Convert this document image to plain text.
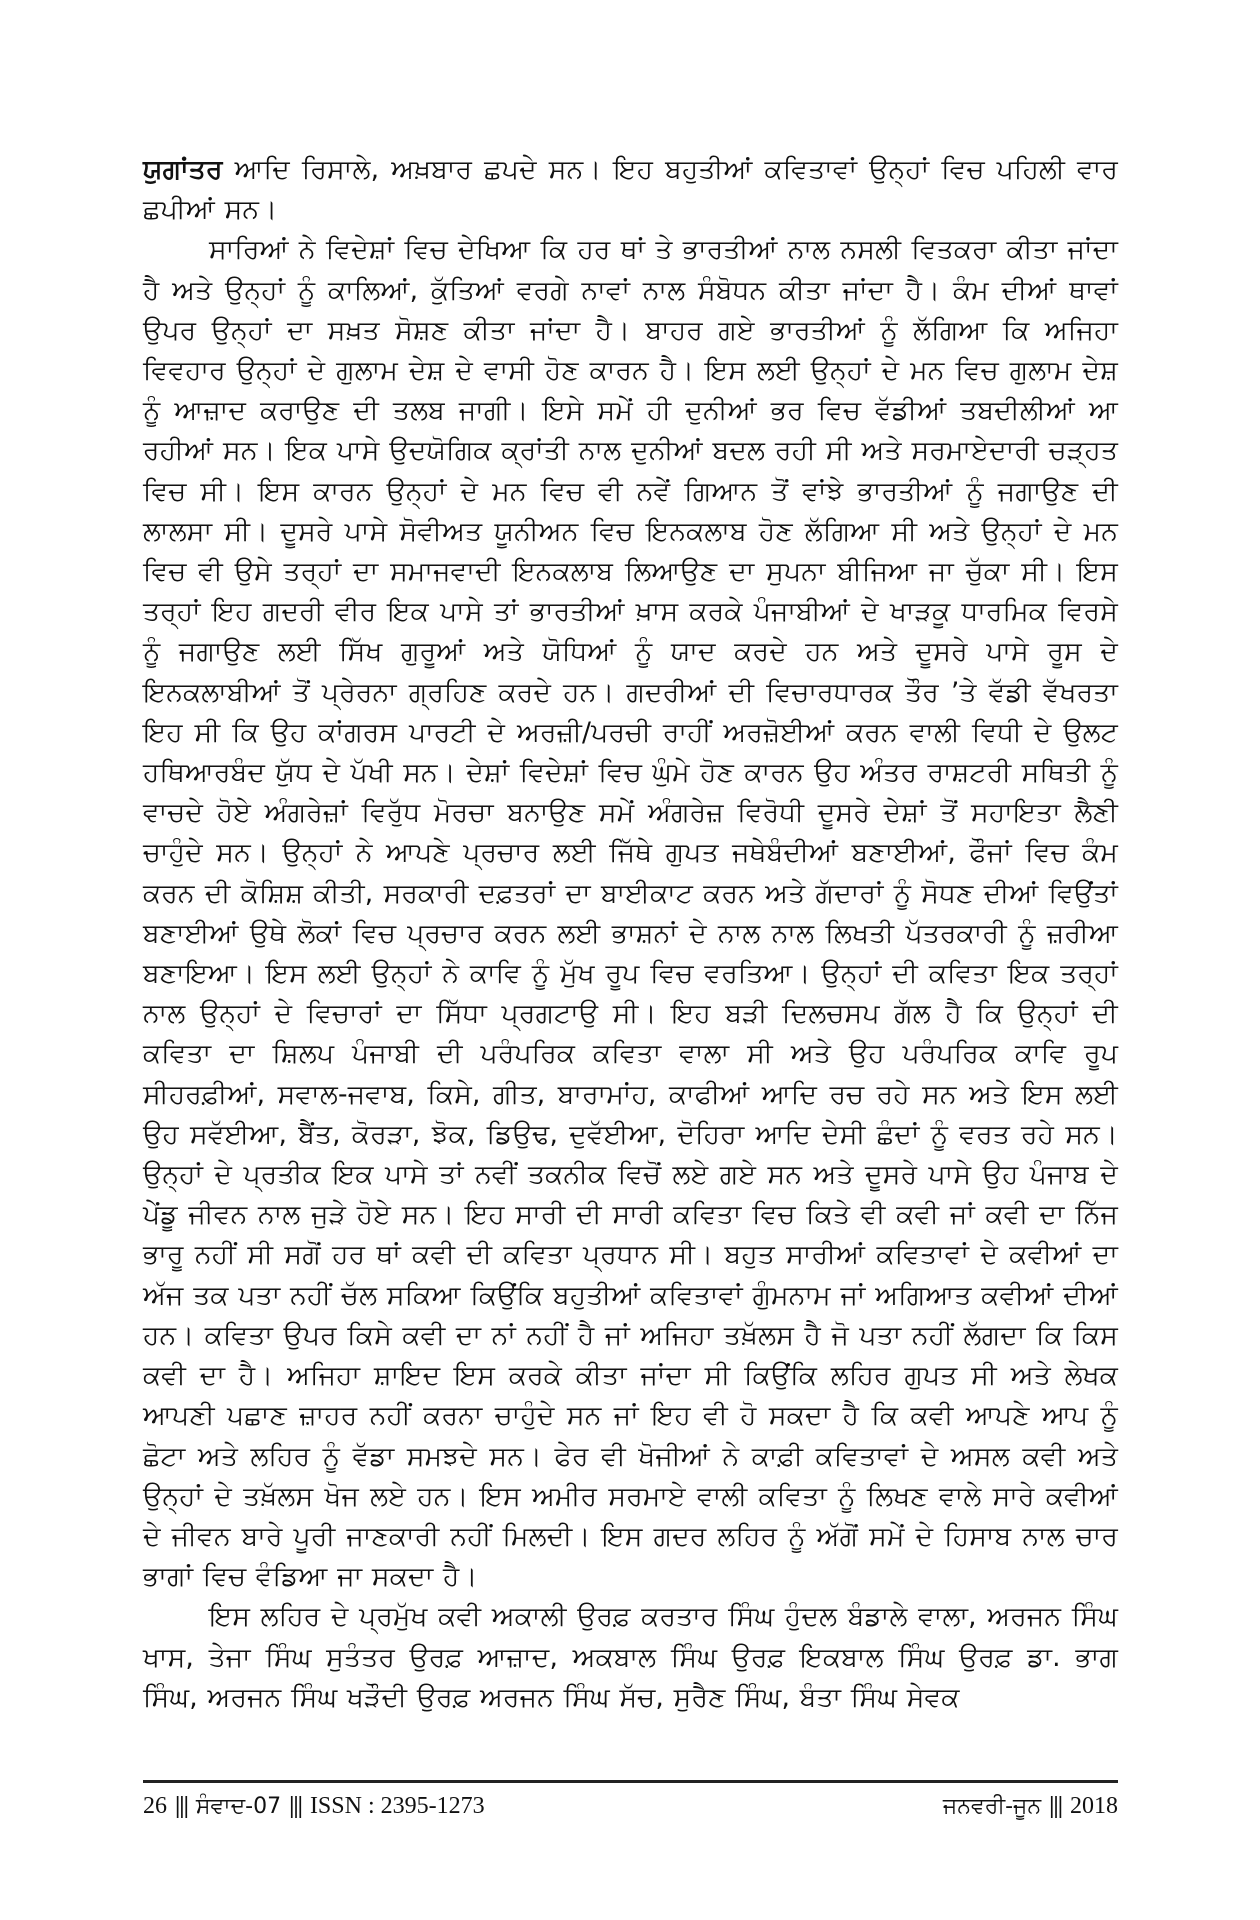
ਯੁਗਾਂਤਰ ਆਦਿ ਰਿਸਾਲੇ, ਅਖ਼ਬਾਰ ਛਪਦੇ ਸਨ। ਇਹ ਬਹੁਤੀਆਂ ਕਵਿਤਾਵਾਂ ਉਨ੍ਹਾਂ ਵਿਚ ਪਹਿਲੀ ਵਾਰ ਛਪੀਆਂ ਸਨ।

ਸਾਰਿਆਂ ਨੇ ਵਿਦੇਸ਼ਾਂ ਵਿਚ ਦੇਖਿਆ ਕਿ ਹਰ ਥਾਂ ਤੇ ਭਾਰਤੀਆਂ ਨਾਲ ਨਸਲੀ ਵਿਤਕਰਾ ਕੀਤਾ ਜਾਂਦਾ ਹੈ ਅਤੇ ਉਨ੍ਹਾਂ ਨੂੰ ਕਾਲਿਆਂ, ਕੁੱਤਿਆਂ ਵਰਗੇ ਨਾਵਾਂ ਨਾਲ ਸੰਬੋਧਨ ਕੀਤਾ ਜਾਂਦਾ ਹੈ। ਕੰਮ ਦੀਆਂ ਥਾਵਾਂ ਉਪਰ ਉਨ੍ਹਾਂ ਦਾ ਸਖ਼ਤ ਸੋਸ਼ਣ ਕੀਤਾ ਜਾਂਦਾ ਹੈ। ਬਾਹਰ ਗਏ ਭਾਰਤੀਆਂ ਨੂੰ ਲੱਗਿਆ ਕਿ ਅਜਿਹਾ ਵਿਵਹਾਰ ਉਨ੍ਹਾਂ ਦੇ ਗੁਲਾਮ ਦੇਸ਼ ਦੇ ਵਾਸੀ ਹੋਣ ਕਾਰਨ ਹੈ। ਇਸ ਲਈ ਉਨ੍ਹਾਂ ਦੇ ਮਨ ਵਿਚ ਗੁਲਾਮ ਦੇਸ਼ ਨੂੰ ਆਜ਼ਾਦ ਕਰਾਉਣ ਦੀ ਤਲਬ ਜਾਗੀ। ਇਸੇ ਸਮੇਂ ਹੀ ਦੁਨੀਆਂ ਭਰ ਵਿਚ ਵੱਡੀਆਂ ਤਬਦੀਲੀਆਂ ਆ ਰਹੀਆਂ ਸਨ। ਇਕ ਪਾਸੇ ਉਦਯੋਗਿਕ ਕ੍ਰਾਂਤੀ ਨਾਲ ਦੁਨੀਆਂ ਬਦਲ ਰਹੀ ਸੀ ਅਤੇ ਸਰਮਾਏਦਾਰੀ ਚੜ੍ਹਤ ਵਿਚ ਸੀ। ਇਸ ਕਾਰਨ ਉਨ੍ਹਾਂ ਦੇ ਮਨ ਵਿਚ ਵੀ ਨਵੇਂ ਗਿਆਨ ਤੋਂ ਵਾਂਝੇ ਭਾਰਤੀਆਂ ਨੂੰ ਜਗਾਉਣ ਦੀ ਲਾਲਸਾ ਸੀ। ਦੂਸਰੇ ਪਾਸੇ ਸੋਵੀਅਤ ਯੂਨੀਅਨ ਵਿਚ ਇਨਕਲਾਬ ਹੋਣ ਲੱਗਿਆ ਸੀ ਅਤੇ ਉਨ੍ਹਾਂ ਦੇ ਮਨ ਵਿਚ ਵੀ ਉਸੇ ਤਰ੍ਹਾਂ ਦਾ ਸਮਾਜਵਾਦੀ ਇਨਕਲਾਬ ਲਿਆਉਣ ਦਾ ਸੁਪਨਾ ਬੀਜਿਆ ਜਾ ਚੁੱਕਾ ਸੀ। ਇਸ ਤਰ੍ਹਾਂ ਇਹ ਗਦਰੀ ਵੀਰ ਇਕ ਪਾਸੇ ਤਾਂ ਭਾਰਤੀਆਂ ਖ਼ਾਸ ਕਰਕੇ ਪੰਜਾਬੀਆਂ ਦੇ ਖਾੜਕੂ ਧਾਰਮਿਕ ਵਿਰਸੇ ਨੂੰ ਜਗਾਉਣ ਲਈ ਸਿੱਖ ਗੁਰੂਆਂ ਅਤੇ ਯੋਧਿਆਂ ਨੂੰ ਯਾਦ ਕਰਦੇ ਹਨ ਅਤੇ ਦੂਸਰੇ ਪਾਸੇ ਰੂਸ ਦੇ ਇਨਕਲਾਬੀਆਂ ਤੋਂ ਪ੍ਰੇਰਨਾ ਗ੍ਰਹਿਣ ਕਰਦੇ ਹਨ। ਗਦਰੀਆਂ ਦੀ ਵਿਚਾਰਧਾਰਕ ਤੌਰ ’ਤੇ ਵੱਡੀ ਵੱਖਰਤਾ ਇਹ ਸੀ ਕਿ ਉਹ ਕਾਂਗਰਸ ਪਾਰਟੀ ਦੇ ਅਰਜ਼ੀ/ਪਰਚੀ ਰਾਹੀਂ ਅਰਜ਼ੋਈਆਂ ਕਰਨ ਵਾਲੀ ਵਿਧੀ ਦੇ ਉਲਟ ਹਥਿਆਰਬੰਦ ਯੁੱਧ ਦੇ ਪੱਖੀ ਸਨ। ਦੇਸ਼ਾਂ ਵਿਦੇਸ਼ਾਂ ਵਿਚ ਘੁੰਮੇ ਹੋਣ ਕਾਰਨ ਉਹ ਅੰਤਰ ਰਾਸ਼ਟਰੀ ਸਥਿਤੀ ਨੂੰ ਵਾਚਦੇ ਹੋਏ ਅੰਗਰੇਜ਼ਾਂ ਵਿਰੁੱਧ ਮੋਰਚਾ ਬਨਾਉਣ ਸਮੇਂ ਅੰਗਰੇਜ਼ ਵਿਰੋਧੀ ਦੂਸਰੇ ਦੇਸ਼ਾਂ ਤੋਂ ਸਹਾਇਤਾ ਲੈਣੀ ਚਾਹੁੰਦੇ ਸਨ। ਉਨ੍ਹਾਂ ਨੇ ਆਪਣੇ ਪ੍ਰਚਾਰ ਲਈ ਜਿੱਥੇ ਗੁਪਤ ਜਥੇਬੰਦੀਆਂ ਬਣਾਈਆਂ, ਫੌਜਾਂ ਵਿਚ ਕੰਮ ਕਰਨ ਦੀ ਕੋਸ਼ਿਸ਼ ਕੀਤੀ, ਸਰਕਾਰੀ ਦਫ਼ਤਰਾਂ ਦਾ ਬਾਈਕਾਟ ਕਰਨ ਅਤੇ ਗੱਦਾਰਾਂ ਨੂੰ ਸੋਧਣ ਦੀਆਂ ਵਿਉਂਤਾਂ ਬਣਾਈਆਂ ਉਥੇ ਲੋਕਾਂ ਵਿਚ ਪ੍ਰਚਾਰ ਕਰਨ ਲਈ ਭਾਸ਼ਨਾਂ ਦੇ ਨਾਲ ਨਾਲ ਲਿਖਤੀ ਪੱਤਰਕਾਰੀ ਨੂੰ ਜ਼ਰੀਆ ਬਣਾਇਆ। ਇਸ ਲਈ ਉਨ੍ਹਾਂ ਨੇ ਕਾਵਿ ਨੂੰ ਮੁੱਖ ਰੂਪ ਵਿਚ ਵਰਤਿਆ। ਉਨ੍ਹਾਂ ਦੀ ਕਵਿਤਾ ਇਕ ਤਰ੍ਹਾਂ ਨਾਲ ਉਨ੍ਹਾਂ ਦੇ ਵਿਚਾਰਾਂ ਦਾ ਸਿੱਧਾ ਪ੍ਰਗਟਾਉ ਸੀ। ਇਹ ਬੜੀ ਦਿਲਚਸਪ ਗੱਲ ਹੈ ਕਿ ਉਨ੍ਹਾਂ ਦੀ ਕਵਿਤਾ ਦਾ ਸ਼ਿਲਪ ਪੰਜਾਬੀ ਦੀ ਪਰੰਪਰਿਕ ਕਵਿਤਾ ਵਾਲਾ ਸੀ ਅਤੇ ਉਹ ਪਰੰਪਰਿਕ ਕਾਵਿ ਰੂਪ ਸੀਹਰਫ਼ੀਆਂ, ਸਵਾਲ-ਜਵਾਬ, ਕਿਸੇ, ਗੀਤ, ਬਾਰਾਮਾਂਹ, ਕਾਫੀਆਂ ਆਦਿ ਰਚ ਰਹੇ ਸਨ ਅਤੇ ਇਸ ਲਈ ਉਹ ਸਵੱਈਆ, ਬੈਂਤ, ਕੋਰੜਾ, ਝੋਕ, ਡਿਉਢ, ਦੁਵੱਈਆ, ਦੋਹਿਰਾ ਆਦਿ ਦੇਸੀ ਛੰਦਾਂ ਨੂੰ ਵਰਤ ਰਹੇ ਸਨ। ਉਨ੍ਹਾਂ ਦੇ ਪ੍ਰਤੀਕ ਇਕ ਪਾਸੇ ਤਾਂ ਨਵੀਂ ਤਕਨੀਕ ਵਿਚੋਂ ਲਏ ਗਏ ਸਨ ਅਤੇ ਦੂਸਰੇ ਪਾਸੇ ਉਹ ਪੰਜਾਬ ਦੇ ਪੇਂਡੂ ਜੀਵਨ ਨਾਲ ਜੁੜੇ ਹੋਏ ਸਨ। ਇਹ ਸਾਰੀ ਦੀ ਸਾਰੀ ਕਵਿਤਾ ਵਿਚ ਕਿਤੇ ਵੀ ਕਵੀ ਜਾਂ ਕਵੀ ਦਾ ਨਿੱਜ ਭਾਰੂ ਨਹੀਂ ਸੀ ਸਗੋਂ ਹਰ ਥਾਂ ਕਵੀ ਦੀ ਕਵਿਤਾ ਪ੍ਰਧਾਨ ਸੀ। ਬਹੁਤ ਸਾਰੀਆਂ ਕਵਿਤਾਵਾਂ ਦੇ ਕਵੀਆਂ ਦਾ ਅੱਜ ਤਕ ਪਤਾ ਨਹੀਂ ਚੱਲ ਸਕਿਆ ਕਿਉਂਕਿ ਬਹੁਤੀਆਂ ਕਵਿਤਾਵਾਂ ਗੁੰਮਨਾਮ ਜਾਂ ਅਗਿਆਤ ਕਵੀਆਂ ਦੀਆਂ ਹਨ। ਕਵਿਤਾ ਉਪਰ ਕਿਸੇ ਕਵੀ ਦਾ ਨਾਂ ਨਹੀਂ ਹੈ ਜਾਂ ਅਜਿਹਾ ਤਖ਼ੱਲਸ ਹੈ ਜੋ ਪਤਾ ਨਹੀਂ ਲੱਗਦਾ ਕਿ ਕਿਸ ਕਵੀ ਦਾ ਹੈ। ਅਜਿਹਾ ਸ਼ਾਇਦ ਇਸ ਕਰਕੇ ਕੀਤਾ ਜਾਂਦਾ ਸੀ ਕਿਉਂਕਿ ਲਹਿਰ ਗੁਪਤ ਸੀ ਅਤੇ ਲੇਖਕ ਆਪਣੀ ਪਛਾਣ ਜ਼ਾਹਰ ਨਹੀਂ ਕਰਨਾ ਚਾਹੁੰਦੇ ਸਨ ਜਾਂ ਇਹ ਵੀ ਹੋ ਸਕਦਾ ਹੈ ਕਿ ਕਵੀ ਆਪਣੇ ਆਪ ਨੂੰ ਛੋਟਾ ਅਤੇ ਲਹਿਰ ਨੂੰ ਵੱਡਾ ਸਮਝਦੇ ਸਨ। ਫੇਰ ਵੀ ਖੋਜੀਆਂ ਨੇ ਕਾਫ਼ੀ ਕਵਿਤਾਵਾਂ ਦੇ ਅਸਲ ਕਵੀ ਅਤੇ ਉਨ੍ਹਾਂ ਦੇ ਤਖ਼ੱਲਸ ਖੋਜ ਲਏ ਹਨ। ਇਸ ਅਮੀਰ ਸਰਮਾਏ ਵਾਲੀ ਕਵਿਤਾ ਨੂੰ ਲਿਖਣ ਵਾਲੇ ਸਾਰੇ ਕਵੀਆਂ ਦੇ ਜੀਵਨ ਬਾਰੇ ਪੂਰੀ ਜਾਣਕਾਰੀ ਨਹੀਂ ਮਿਲਦੀ। ਇਸ ਗਦਰ ਲਹਿਰ ਨੂੰ ਅੱਗੋਂ ਸਮੇਂ ਦੇ ਹਿਸਾਬ ਨਾਲ ਚਾਰ ਭਾਗਾਂ ਵਿਚ ਵੰਡਿਆ ਜਾ ਸਕਦਾ ਹੈ।

ਇਸ ਲਹਿਰ ਦੇ ਪ੍ਰਮੁੱਖ ਕਵੀ ਅਕਾਲੀ ਉਰਫ਼ ਕਰਤਾਰ ਸਿੰਘ ਹੁੰਦਲ ਬੰਡਾਲੇ ਵਾਲਾ, ਅਰਜਨ ਸਿੰਘ ਖਾਸ, ਤੇਜਾ ਸਿੰਘ ਸੁਤੰਤਰ ਉਰਫ਼ ਆਜ਼ਾਦ, ਅਕਬਾਲ ਸਿੰਘ ਉਰਫ਼ ਇਕਬਾਲ ਸਿੰਘ ਉਰਫ਼ ਡਾ. ਭਾਗ ਸਿੰਘ, ਅਰਜਨ ਸਿੰਘ ਖੜੌਦੀ ਉਰਫ਼ ਅਰਜਨ ਸਿੰਘ ਸੱਚ, ਸੁਰੈਣ ਸਿੰਘ, ਬੰਤਾ ਸਿੰਘ ਸੇਵਕ

26 ||| ਸੰਵਾਦ-07 ||| ISSN : 2395-1273	ਜਨਵਰੀ-ਜੂਨ ||| 2018
